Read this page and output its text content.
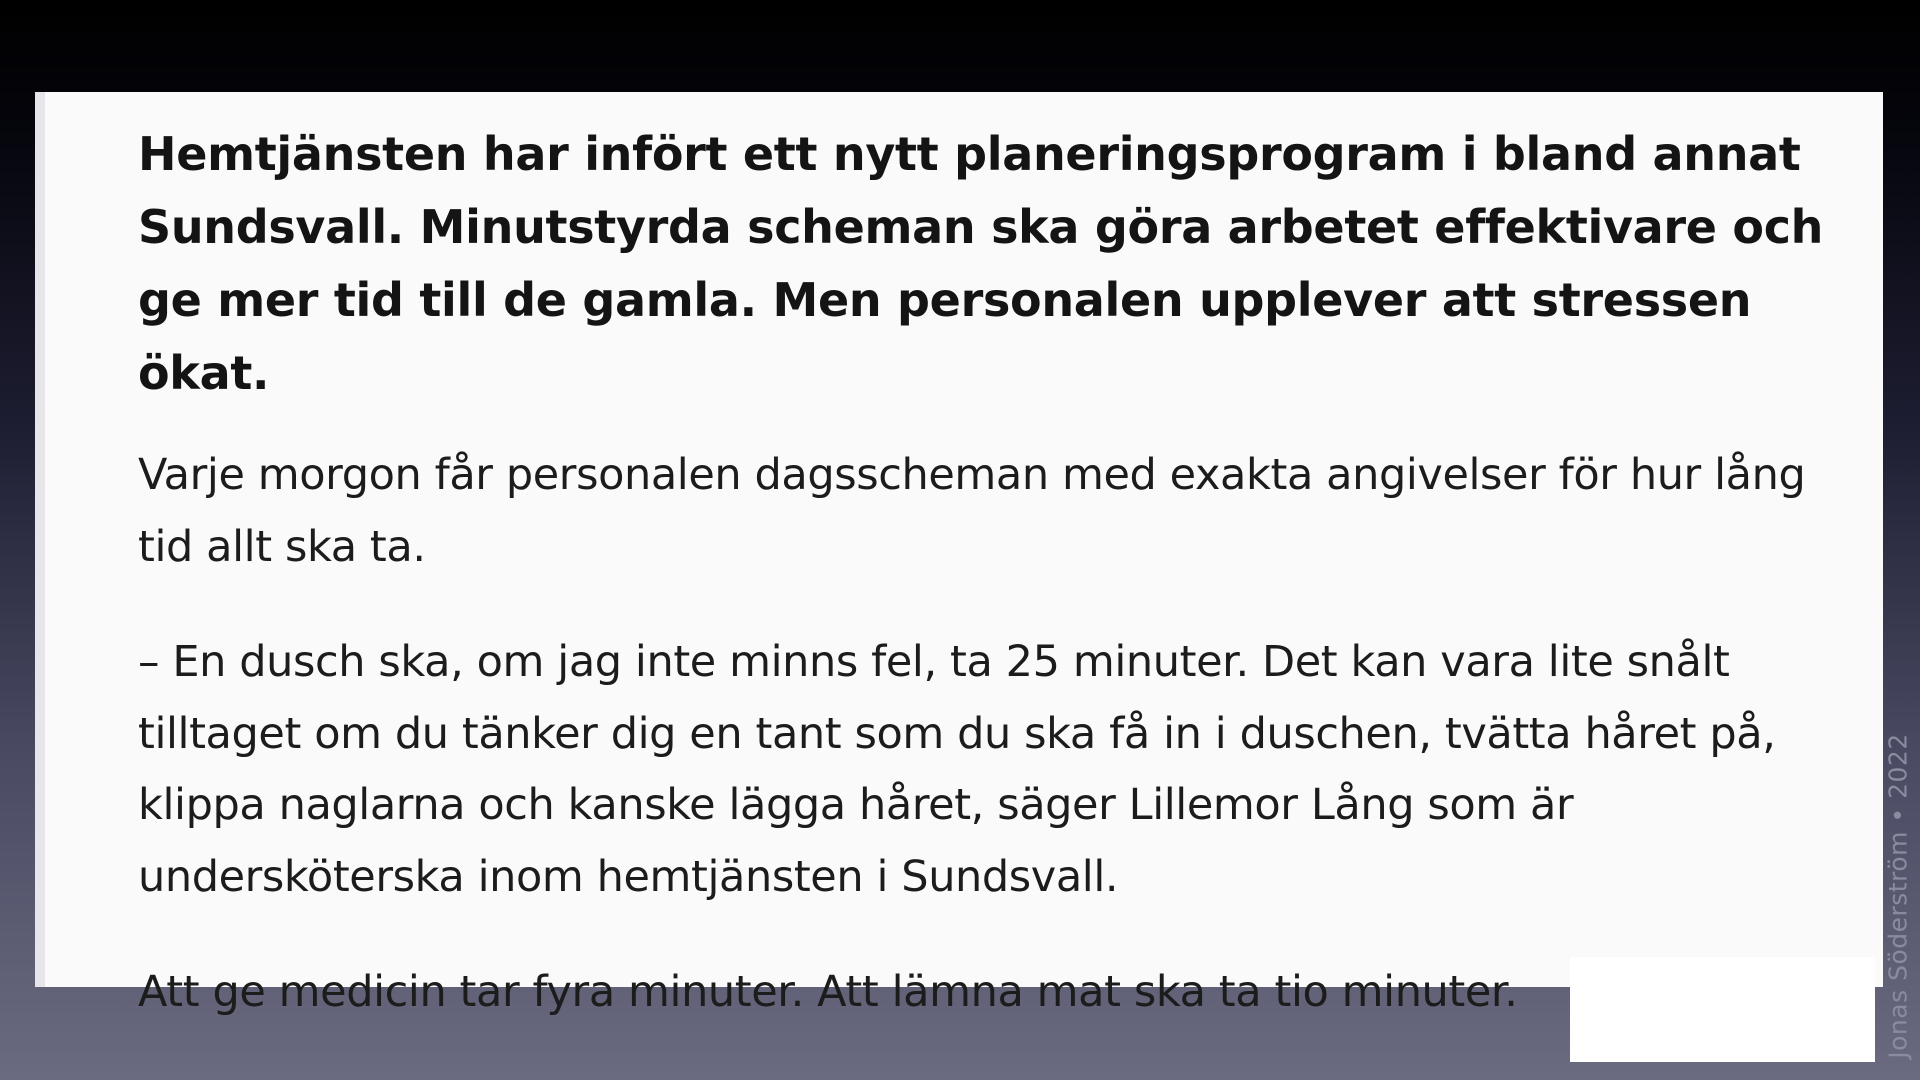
Hemtjänsten har infört ett nytt planeringsprogram i bland annat Sundsvall. Minutstyrda scheman ska göra arbetet effektivare och ge mer tid till de gamla. Men personalen upplever att stressen ökat.

Varje morgon får personalen dagsscheman med exakta angivelser för hur lång tid allt ska ta.

– En dusch ska, om jag inte minns fel, ta 25 minuter. Det kan vara lite snålt tilltaget om du tänker dig en tant som du ska få in i duschen, tvätta håret på, klippa naglarna och kanske lägga håret, säger Lillemor Lång som är undersköterska inom hemtjänsten i Sundsvall.

Att ge medicin tar fyra minuter. Att lämna mat ska ta tio minuter.	Jonas Söderström • 2022
